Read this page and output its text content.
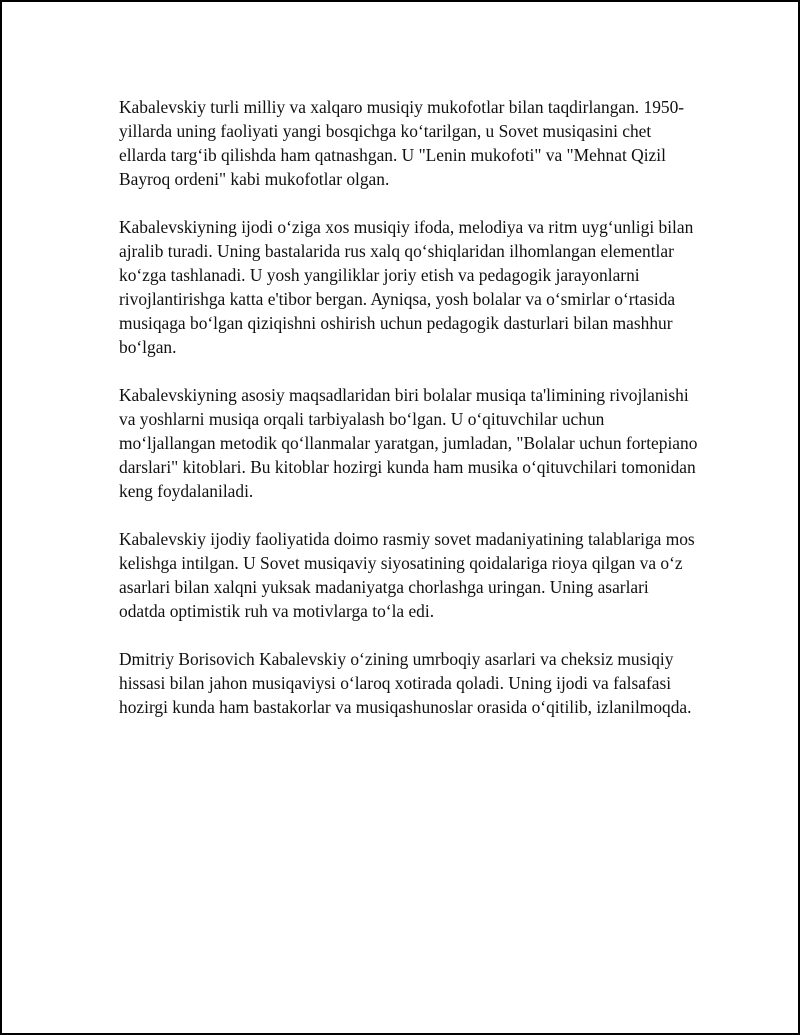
Kabalevskiy turli milliy va xalqaro musiqiy mukofotlar bilan taqdirlangan. 1950-yillarda uning faoliyati yangi bosqichga koʻtarilgan, u Sovet musiqasini chet ellarda targʻib qilishda ham qatnashgan. U "Lenin mukofoti" va "Mehnat Qizil Bayroq ordeni" kabi mukofotlar olgan.

Kabalevskiyning ijodi oʻziga xos musiqiy ifoda, melodiya va ritm uygʻunligi bilan ajralib turadi. Uning bastalarida rus xalq qoʻshiqlaridan ilhomlangan elementlar koʻzga tashlanadi. U yosh yangiliklar joriy etish va pedagogik jarayonlarni rivojlantirishga katta e'tibor bergan. Ayniqsa, yosh bolalar va oʻsmirlar oʻrtasida musiqaga boʻlgan qiziqishni oshirish uchun pedagogik dasturlari bilan mashhur boʻlgan.

Kabalevskiyning asosiy maqsadlaridan biri bolalar musiqa ta'limining rivojlanishi va yoshlarni musiqa orqali tarbiyalash boʻlgan. U oʻqituvchilar uchun moʻljallangan metodik qoʻllanmalar yaratgan, jumladan, "Bolalar uchun fortepiano darslari" kitoblari. Bu kitoblar hozirgi kunda ham musika oʻqituvchilari tomonidan keng foydalaniladi.

Kabalevskiy ijodiy faoliyatida doimo rasmiy sovet madaniyatining talablariga mos kelishga intilgan. U Sovet musiqaviy siyosatining qoidalariga rioya qilgan va oʻz asarlari bilan xalqni yuksak madaniyatga chorlashga uringan. Uning asarlari odatda optimistik ruh va motivlarga toʻla edi.

Dmitriy Borisovich Kabalevskiy oʻzining umrboqiy asarlari va cheksiz musiqiy hissasi bilan jahon musiqaviysi oʻlaroq xotirada qoladi. Uning ijodi va falsafasi hozirgi kunda ham bastakorlar va musiqashunoslar orasida oʻqitilib, izlanilmoqda.
